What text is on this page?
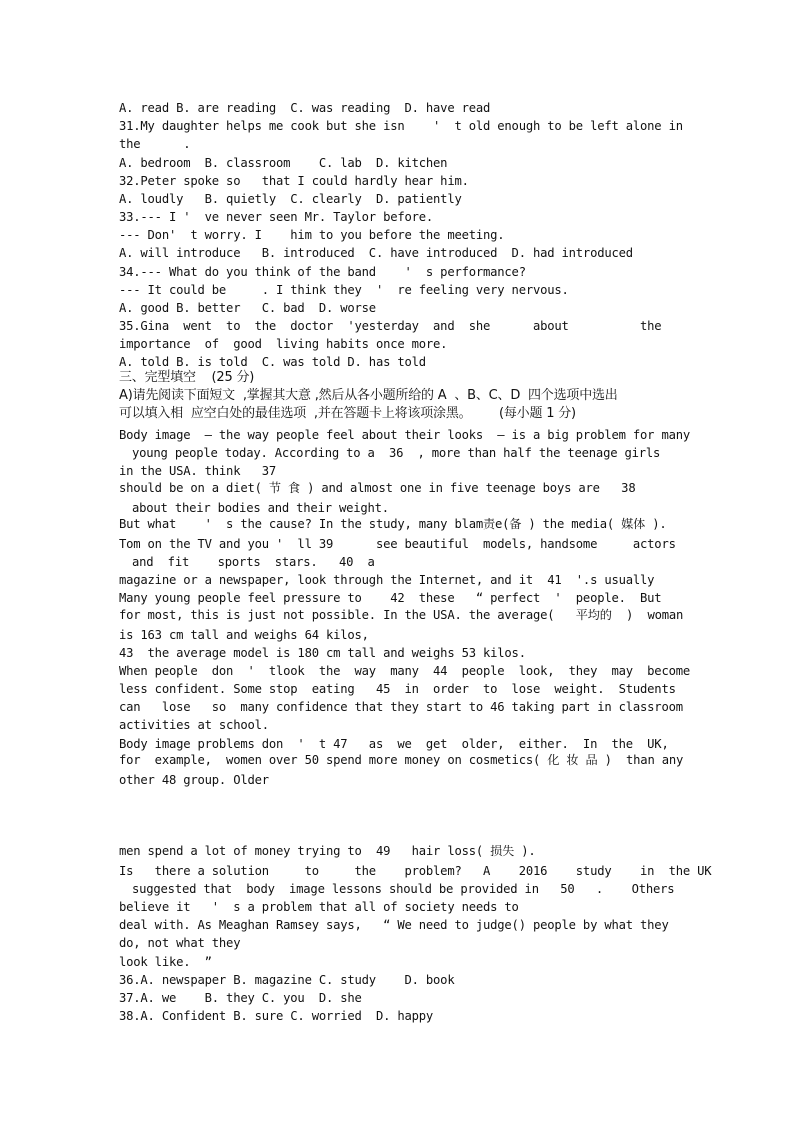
A. read B. are reading  C. was reading  D. have read
31.My daughter helps me cook but she isn    '  t old enough to be left alone in
the      .
A. bedroom  B. classroom    C. lab  D. kitchen
32.Peter spoke so   that I could hardly hear him.
A. loudly   B. quietly  C. clearly  D. patiently
33.--- I '  ve never seen Mr. Taylor before.
--- Don'  t worry. I    him to you before the meeting.
A. will introduce   B. introduced  C. have introduced  D. had introduced
34.--- What do you think of the band    '  s performance?
--- It could be     . I think they  '  re feeling very nervous.
A. good B. better   C. bad  D. worse
35.Gina  went  to  the  doctor  'yesterday  and  she      about          the
importance  of  good  living habits once more.
A. told B. is told  C. was told D. has told
三、完型填空    (25 分)
A)请先阅读下面短文  ,掌握其大意 ,然后从各小题所给的 A  、B、C、D  四个选项中选出
可以填入相  应空白处的最佳选项  ,并在答题卡上将该项涂黑。       (每小题 1 分)
Body image  — the way people feel about their looks  — is a big problem for many
young people today. According to a  36  , more than half the teenage girls
in the USA. think   37
should be on a diet( 节 食 ) and almost one in five teenage boys are   38
about their bodies and their weight.
But what    '  s the cause? In the study, many blam责e(备 ) the media( 媒体 ).
Tom on the TV and you '  ll 39      see beautiful  models, handsome     actors
and  fit    sports  stars.   40  a
magazine or a newspaper, look through the Internet, and it  41  '.s usually
Many young people feel pressure to    42  these   “ perfect  '  people.  But
for most, this is just not possible. In the USA. the average(   平均的  )  woman
is 163 cm tall and weighs 64 kilos,
43  the average model is 180 cm tall and weighs 53 kilos.
When people  don  '  tlook  the  way  many  44  people  look,  they  may  become
less confident. Some stop  eating   45  in  order  to  lose  weight.  Students
can   lose   so  many confidence that they start to 46 taking part in classroom
activities at school.
Body image problems don  '  t 47   as  we  get  older,  either.  In  the  UK,
for  example,  women over 50 spend more money on cosmetics( 化 妆 品 )  than any
other 48 group. Older
men spend a lot of money trying to  49   hair loss( 损失 ).
Is   there a solution     to     the    problem?   A    2016    study    in  the UK
suggested that  body  image lessons should be provided in   50   .    Others
believe it   '  s a problem that all of society needs to
deal with. As Meaghan Ramsey says,   “ We need to judge() people by what they
do, not what they
look like.  ”
36.A. newspaper B. magazine C. study    D. book
37.A. we    B. they C. you  D. she
38.A. Confident B. sure C. worried  D. happy
